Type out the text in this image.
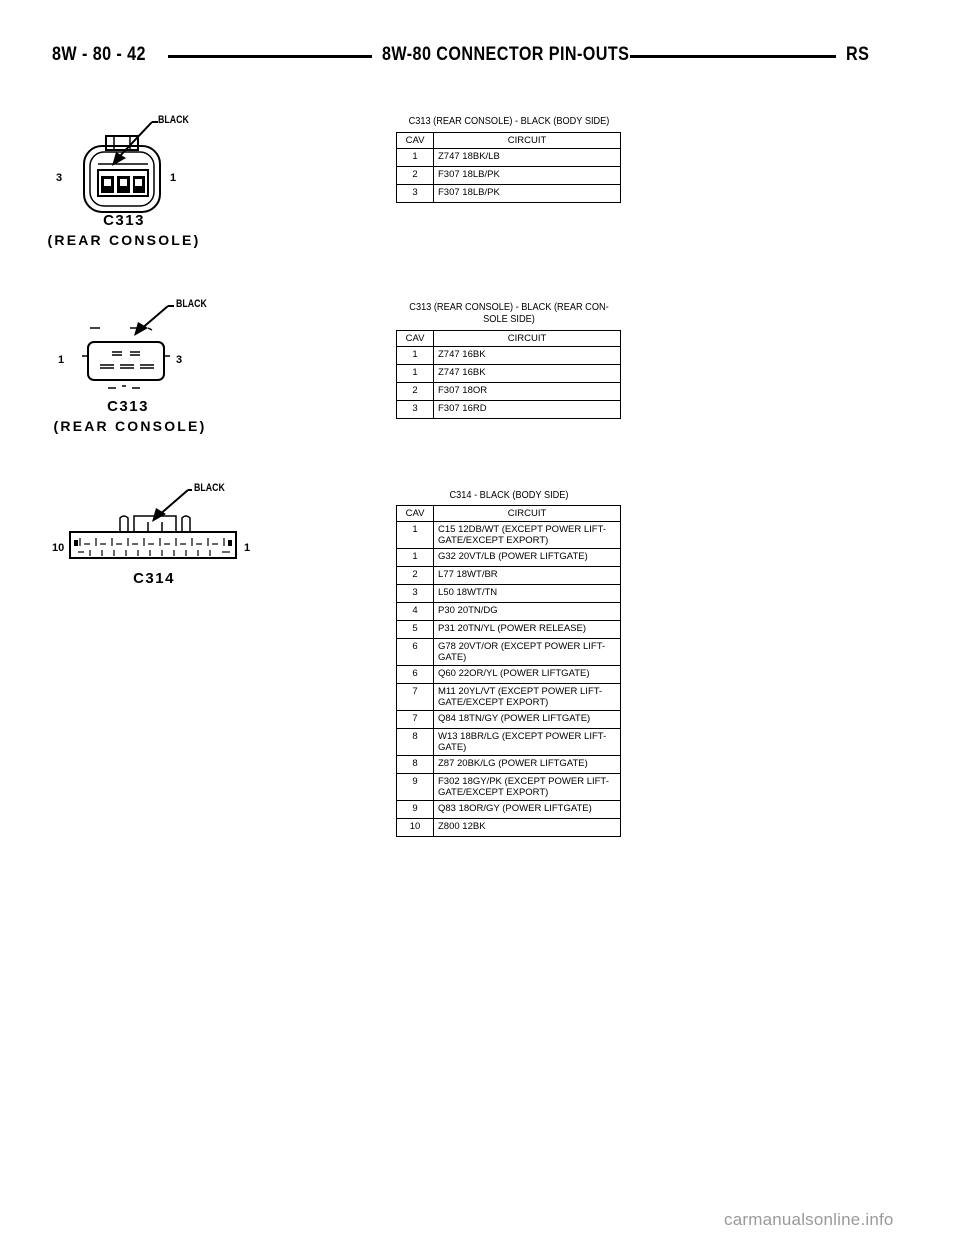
8W - 80 - 42	8W-80 CONNECTOR PIN-OUTS	RS
BLACK
3	1
C313
(REAR CONSOLE)
BLACK
1	3
C313
(REAR CONSOLE)
BLACK
10	1
C314
C313 (REAR CONSOLE) - BLACK (BODY SIDE)
CAV	CIRCUIT
1	Z747 18BK/LB
2	F307 18LB/PK
3	F307 18LB/PK
C313 (REAR CONSOLE) - BLACK (REAR CON-
SOLE SIDE)
CAV	CIRCUIT
1	Z747 16BK
1	Z747 16BK
2	F307 18OR
3	F307 16RD
C314 - BLACK (BODY SIDE)
CAV	CIRCUIT
1	C15 12DB/WT (EXCEPT POWER LIFT-
GATE/EXCEPT EXPORT)
1	G32 20VT/LB (POWER LIFTGATE)
2	L77 18WT/BR
3	L50 18WT/TN
4	P30 20TN/DG
5	P31 20TN/YL (POWER RELEASE)
6	G78 20VT/OR (EXCEPT POWER LIFT-
GATE)
6	Q60 22OR/YL (POWER LIFTGATE)
7	M11 20YL/VT (EXCEPT POWER LIFT-
GATE/EXCEPT EXPORT)
7	Q84 18TN/GY (POWER LIFTGATE)
8	W13 18BR/LG (EXCEPT POWER LIFT-
GATE)
8	Z87 20BK/LG (POWER LIFTGATE)
9	F302 18GY/PK (EXCEPT POWER LIFT-
GATE/EXCEPT EXPORT)
9	Q83 18OR/GY (POWER LIFTGATE)
10	Z800 12BK
carmanualsonline.info
